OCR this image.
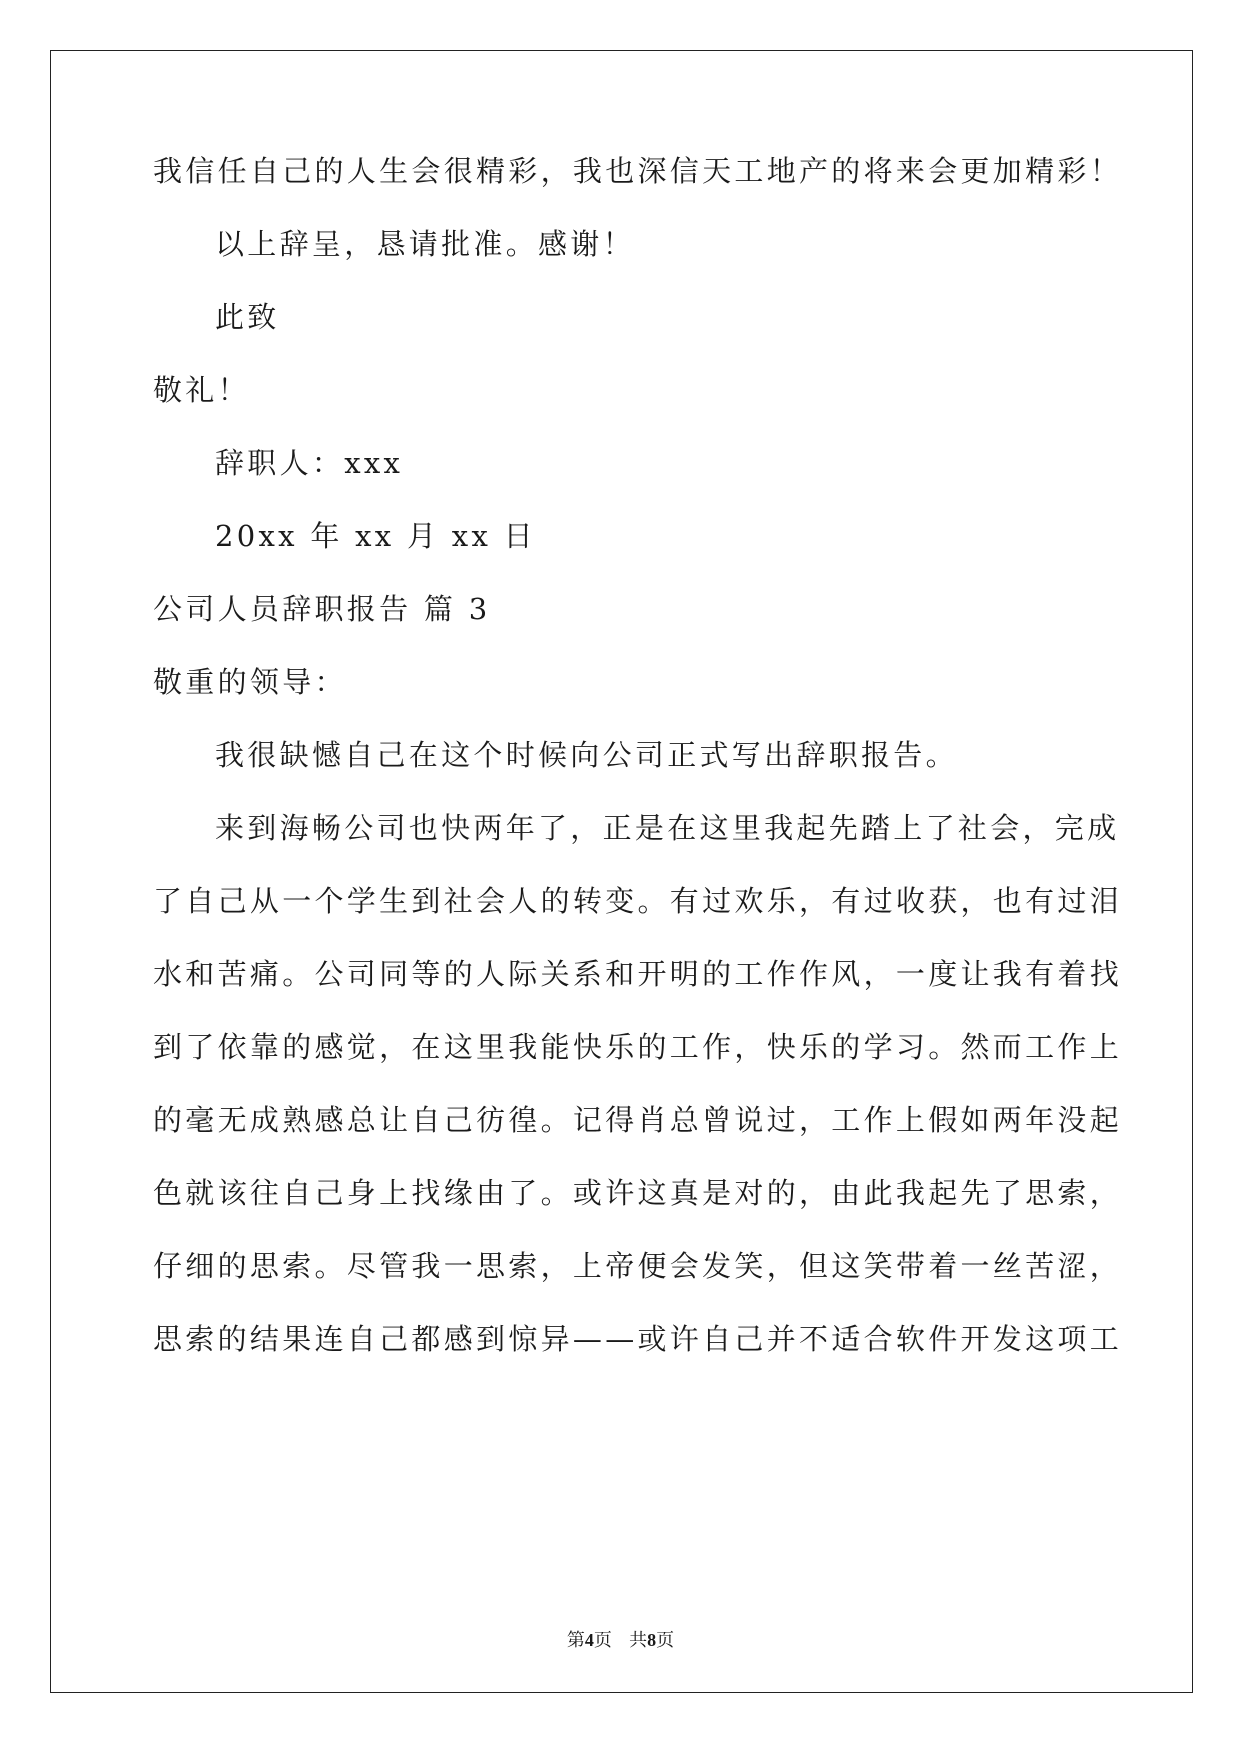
我信任自己的人生会很精彩，我也深信天工地产的将来会更加精彩！
以上辞呈，恳请批准。感谢！
此致
敬礼！
辞职人：xxx
20xx 年 xx 月 xx 日
公司人员辞职报告 篇 3
敬重的领导：
我很缺憾自己在这个时候向公司正式写出辞职报告。
来到海畅公司也快两年了，正是在这里我起先踏上了社会，完成
了自己从一个学生到社会人的转变。有过欢乐，有过收获，也有过泪
水和苦痛。公司同等的人际关系和开明的工作作风，一度让我有着找
到了依靠的感觉，在这里我能快乐的工作，快乐的学习。然而工作上
的毫无成熟感总让自己彷徨。记得肖总曾说过，工作上假如两年没起
色就该往自己身上找缘由了。或许这真是对的，由此我起先了思索，
仔细的思索。尽管我一思索，上帝便会发笑，但这笑带着一丝苦涩，
思索的结果连自己都感到惊异——或许自己并不适合软件开发这项工
第4页 共8页
